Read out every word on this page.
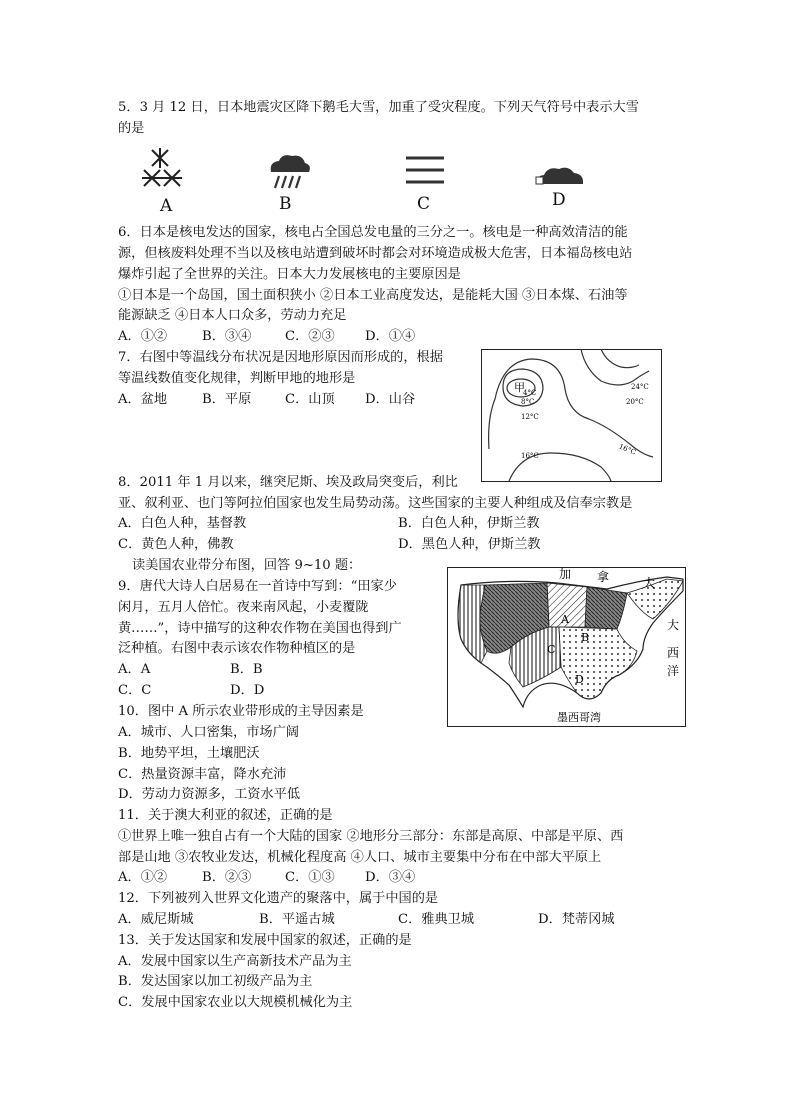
5．3 月 12 日，日本地震灾区降下鹅毛大雪，加重了受灾程度。下列天气符号中表示大雪
的是
A	B	C	D
6．日本是核电发达的国家，核电占全国总发电量的三分之一。核电是一种高效清洁的能
源，但核废料处理不当以及核电站遭到破坏时都会对环境造成极大危害，日本福岛核电站
爆炸引起了全世界的关注。日本大力发展核电的主要原因是
①日本是一个岛国，国土面积狭小 ②日本工业高度发达，是能耗大国 ③日本煤、石油等
能源缺乏 ④日本人口众多，劳动力充足
A．①②	B．③④	C．②③ D．①④
7．右图中等温线分布状况是因地形原因而形成的，根据
等温线数值变化规律，判断甲地的地形是
A．盆地	B．平原	C．山顶 D．山谷
甲
4°C
8°C
12°C
16°C	16°C
20°C
24°C
8．2011 年 1 月以来，继突尼斯、埃及政局突变后，利比
亚、叙利亚、也门等阿拉伯国家也发生局势动荡。这些国家的主要人种组成及信奉宗教是
A．白色人种，基督教	B．白色人种，伊斯兰教
C．黄色人种，佛教	D．黑色人种，伊斯兰教
读美国农业带分布图，回答 9~10 题：
9．唐代大诗人白居易在一首诗中写到：“田家少
闲月，五月人倍忙。夜来南风起，小麦覆陇
黄……”，诗中描写的这种农作物在美国也得到广
泛种植。右图中表示该农作物种植区的是
A．A	B．B
C．C	D．D
A
B
C
D
加 拿	大
大
西
洋
墨西哥湾
10．图中 A 所示农业带形成的主导因素是
A．城市、人口密集，市场广阔
B．地势平坦，土壤肥沃
C．热量资源丰富，降水充沛
D．劳动力资源多，工资水平低
11．关于澳大利亚的叙述，正确的是
①世界上唯一独自占有一个大陆的国家 ②地形分三部分：东部是高原、中部是平原、西
部是山地 ③农牧业发达，机械化程度高 ④人口、城市主要集中分布在中部大平原上
A．①②	B．②③	C．①③ D．③④
12．下列被列入世界文化遗产的聚落中，属于中国的是
A．威尼斯城	B．平遥古城	C．雅典卫城	D．梵蒂冈城
13．关于发达国家和发展中国家的叙述，正确的是
A．发展中国家以生产高新技术产品为主
B．发达国家以加工初级产品为主
C．发展中国家农业以大规模机械化为主
